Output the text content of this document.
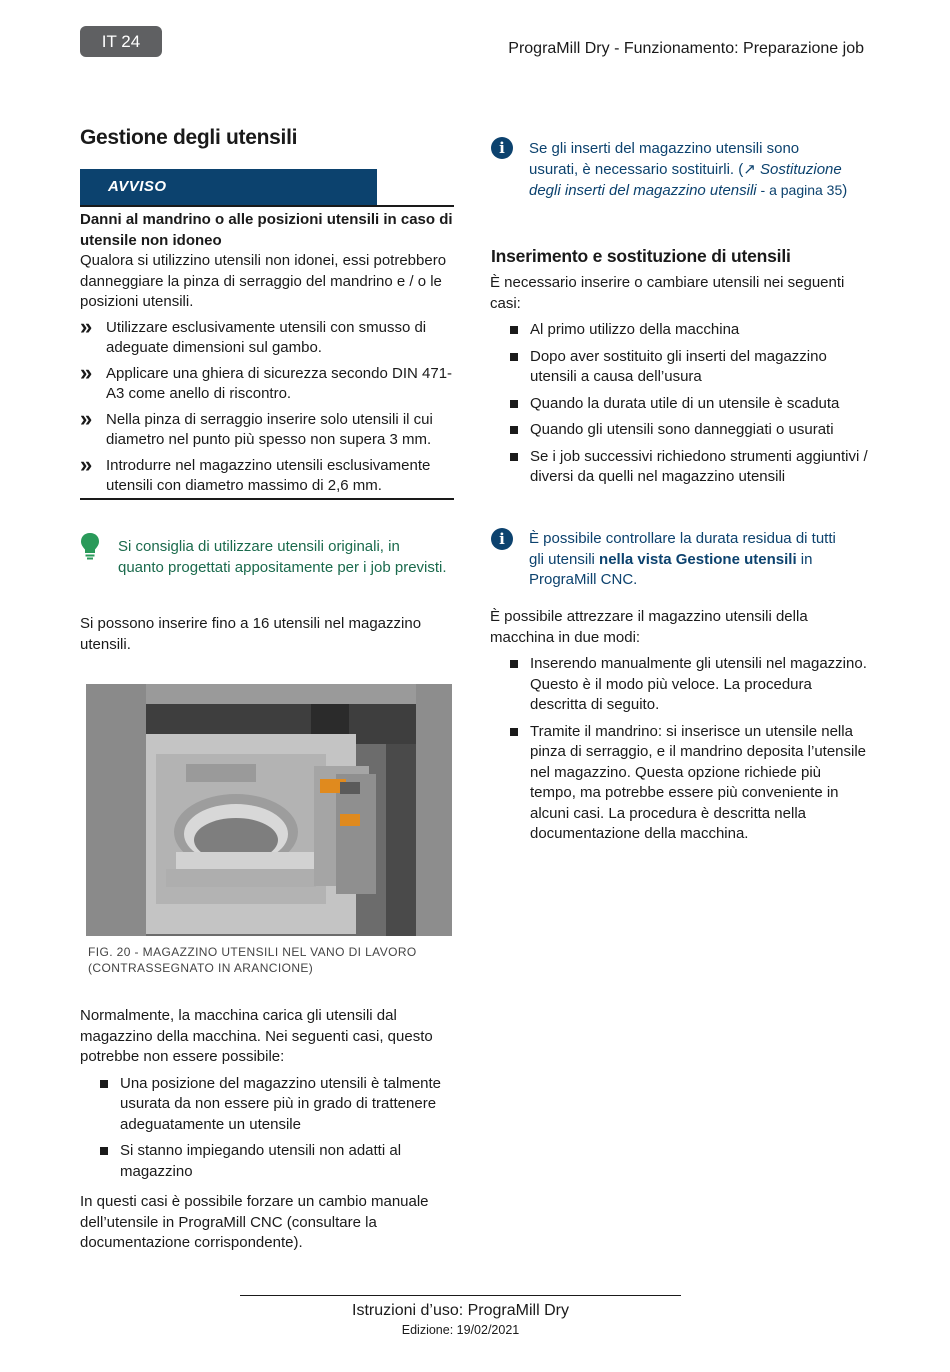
IT 24	PrograMill Dry - Funzionamento: Preparazione job
Gestione degli utensili
AVVISO

Danni al mandrino o alle posizioni utensili in caso di utensile non idoneo

Qualora si utilizzino utensili non idonei, essi potrebbero danneggiare la pinza di serraggio del mandrino e / o le posizioni utensili.

» Utilizzare esclusivamente utensili con smusso di adeguate dimensioni sul gambo.
» Applicare una ghiera di sicurezza secondo DIN 471-A3 come anello di riscontro.
» Nella pinza di serraggio inserire solo utensili il cui diametro nel punto più spesso non supera 3 mm.
» Introdurre nel magazzino utensili esclusivamente utensili con diametro massimo di 2,6 mm.
Si consiglia di utilizzare utensili originali, in quanto progettati appositamente per i job previsti.
Si possono inserire fino a 16 utensili nel magazzino utensili.
FIG. 20 - MAGAZZINO UTENSILI NEL VANO DI LAVORO
(CONTRASSEGNATO IN ARANCIONE)

Normalmente, la macchina carica gli utensili dal magazzino della macchina. Nei seguenti casi, questo potrebbe non essere possibile:

Una posizione del magazzino utensili è talmente usurata da non essere più in grado di trattenere adeguatamente un utensile
Si stanno impiegando utensili non adatti al magazzino

In questi casi è possibile forzare un cambio manuale dell’utensile in PrograMill CNC (consultare la documentazione corrispondente).

i	Se gli inserti del magazzino utensili sono usurati, è necessario sostituirli. (↗ Sostituzione degli inserti del magazzino utensili - a pagina 35)
Inserimento e sostituzione di utensili

È necessario inserire o cambiare utensili nei seguenti casi:

Al primo utilizzo della macchina
Dopo aver sostituito gli inserti del magazzino utensili a causa dell’usura
Quando la durata utile di un utensile è scaduta
Quando gli utensili sono danneggiati o usurati
Se i job successivi richiedono strumenti aggiuntivi / diversi da quelli nel magazzino utensili
i	È possibile controllare la durata residua di tutti gli utensili nella vista Gestione utensili in PrograMill CNC.

È possibile attrezzare il magazzino utensili della macchina in due modi:

Inserendo manualmente gli utensili nel magazzino. Questo è il modo più veloce. La procedura descritta di seguito.
Tramite il mandrino: si inserisce un utensile nella pinza di serraggio, e il mandrino deposita l’utensile nel magazzino. Questa opzione richiede più tempo, ma potrebbe essere più conveniente in alcuni casi. La procedura è descritta nella documentazione della macchina.
Istruzioni d’uso: PrograMill Dry
Edizione: 19/02/2021
